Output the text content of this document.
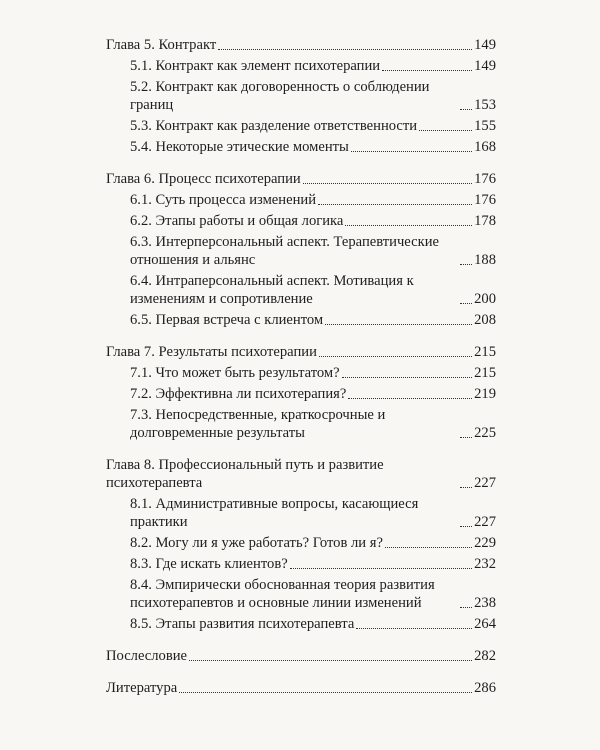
Глава 5. Контракт	149
5.1. Контракт как элемент психотерапии	149
5.2. Контракт как договоренность о соблюдении границ	153
5.3. Контракт как разделение ответственности	155
5.4. Некоторые этические моменты	168
Глава 6. Процесс психотерапии	176
6.1. Суть процесса изменений	176
6.2. Этапы работы и общая логика	178
6.3. Интерперсональный аспект. Терапевтические отношения и альянс	188
6.4. Интраперсональный аспект. Мотивация к изменениям и сопротивление	200
6.5. Первая встреча с клиентом	208
Глава 7. Результаты психотерапии	215
7.1. Что может быть результатом?	215
7.2. Эффективна ли психотерапия?	219
7.3. Непосредственные, краткосрочные и долговременные результаты	225
Глава 8. Профессиональный путь и развитие психотерапевта	227
8.1. Административные вопросы, касающиеся практики	227
8.2. Могу ли я уже работать? Готов ли я?	229
8.3. Где искать клиентов?	232
8.4. Эмпирически обоснованная теория развития психотерапевтов и основные линии изменений	238
8.5. Этапы развития психотерапевта	264
Послесловие	282
Литература	286
